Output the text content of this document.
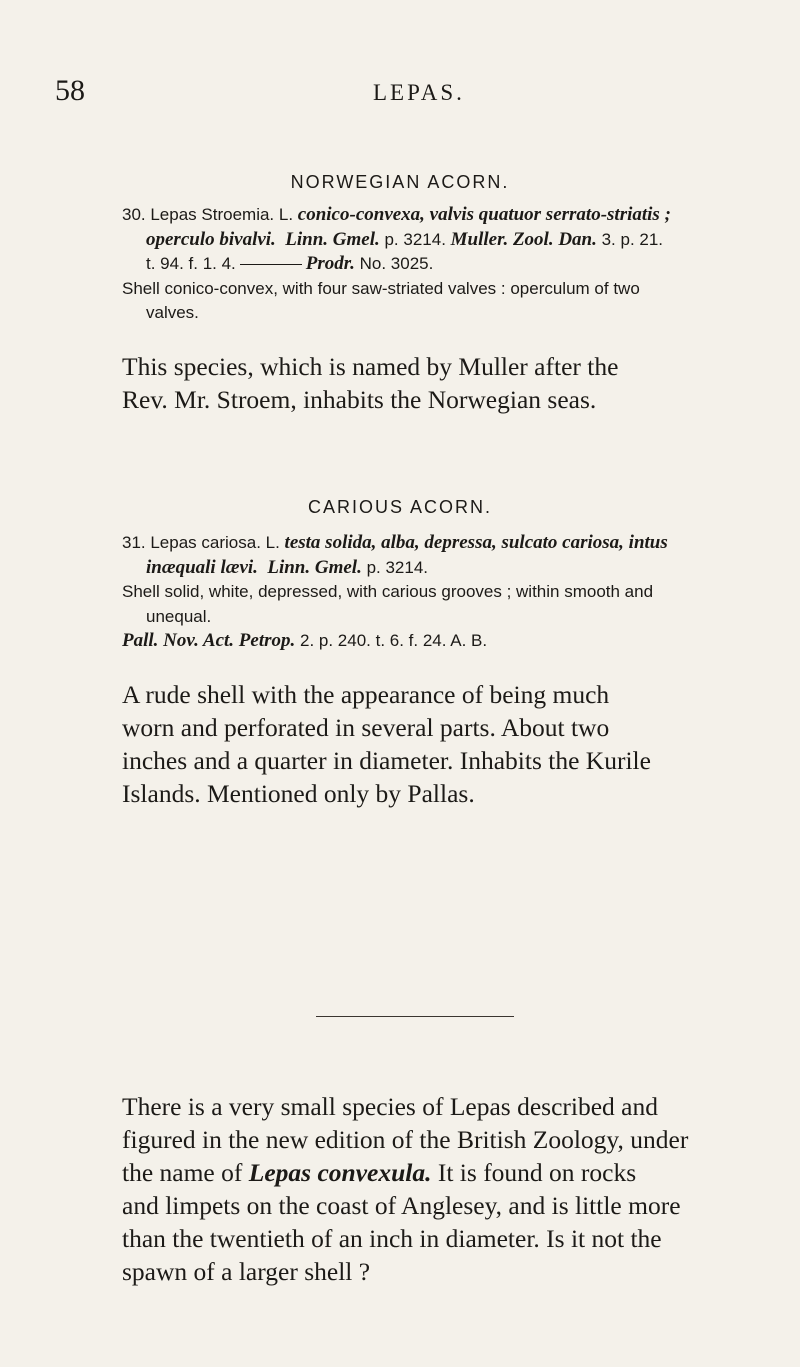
58	LEPAS.
NORWEGIAN ACORN.
30. Lepas Stroemia. L. conico-convexa, valvis quatuor serrato-striatis ;
operculo bivalvi. Linn. Gmel. p. 3214. Muller. Zool. Dan. 3. p. 21.
t. 94. f. 1. 4.	Prodr. No. 3025.
Shell conico-convex, with four saw-striated valves : operculum of two
valves.
This species, which is named by Muller after the
Rev. Mr. Stroem, inhabits the Norwegian seas.
CARIOUS ACORN.
31. Lepas cariosa. L. testa solida, alba, depressa, sulcato cariosa, intus
inæquali lævi. Linn. Gmel. p. 3214.
Shell solid, white, depressed, with carious grooves ; within smooth and
unequal.
Pall. Nov. Act. Petrop. 2. p. 240. t. 6. f. 24. A. B.
A rude shell with the appearance of being much
worn and perforated in several parts. About two
inches and a quarter in diameter. Inhabits the Kurile
Islands. Mentioned only by Pallas.
There is a very small species of Lepas described and
figured in the new edition of the British Zoology, under
the name of Lepas convexula. It is found on rocks
and limpets on the coast of Anglesey, and is little more
than the twentieth of an inch in diameter. Is it not the
spawn of a larger shell ?
